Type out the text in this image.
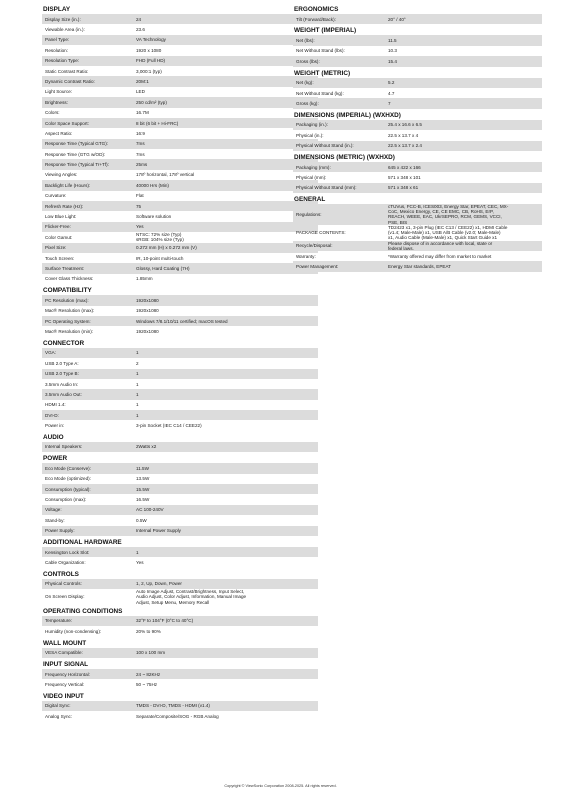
DISPLAY
Display Size (in.):	24
Viewable Area (in.):	23.6
Panel Type:	VA Technology
Resolution:	1920 x 1080
Resolution Type:	FHD (Full HD)
Static Contrast Ratio:	3,000:1 (typ)
Dynamic Contrast Ratio:	20M:1
Light Source:	LED
Brightness:	250 cd/m² (typ)
Colors:	16.7M
Color Space Support:	8 bit (6 bit + Hi-FRC)
Aspect Ratio:	16:9
Response Time (Typical GTG):	7ms
Response Time (GTG w/OD):	7ms
Response Time (Typical Tr+Tf):	25ms
Viewing Angles:	178º horizontal, 178º vertical
Backlight Life (Hours):	40000 Hrs (Min)
Curvature:	Flat
Refresh Rate (Hz):	75
Low Blue Light:	Software solution
Flicker-Free:	Yes
Color Gamut:
NTSC: 72% size (Typ)
sRGB: 104% size (Typ)
Pixel Size:	0.272 mm (H) x 0.272 mm (V)
Touch Screen:	IR, 10-point multi-touch
Surface Treatment:	Glossy, Hard Coating (7H)
Cover Glass Thickness:	1.85mm
COMPATIBILITY
PC Resolution (max):	1920x1080
Mac® Resolution (max):	1920x1080
PC Operating System:	Windows 7/8.1/10/11 certified; macOS tested
Mac® Resolution (min):	1920x1080
CONNECTOR
VGA:	1
USB 2.0 Type A:	2
USB 2.0 Type B:	1
3.5mm Audio In:	1
3.5mm Audio Out:	1
HDMI 1.4:	1
DVI-D:	1
Power in:	3-pin Socket (IEC C14 / CEE22)
AUDIO
Internal Speakers:	2Watts x2
POWER
Eco Mode (Conserve):	11.5W
Eco Mode (optimized):	13.5W
Consumption (typical):	15.5W
Consumption (max):	16.5W
Voltage:	AC 100-240V
Stand-by:	0.5W
Power Supply:	Internal Power Supply
ADDITIONAL HARDWARE
Kensington Lock Slot:	1
Cable Organization:	Yes
CONTROLS
Physical Controls:	1, 2, Up, Down, Power
On Screen Display:
Auto Image Adjust, Contrast/Brightness, Input Select,
Audio Adjust, Color Adjust, Information, Manual Image
Adjust, Setup Menu, Memory Recall
OPERATING CONDITIONS
Temperature:	32°F to 104°F (0°C to 40°C)
Humidity (non-condensing):	20% to 90%
WALL MOUNT
VESA Compatible:	100 x 100 mm
INPUT SIGNAL
Frequency Horizontal:	24 ~ 82KHz
Frequency Vertical:	50 ~ 75Hz
VIDEO INPUT
Digital Sync:	TMDS - DVI-D, TMDS - HDMI (v1.4)
Analog Sync:	Separate/Composite/SOG - RGB Analog
ERGONOMICS
Tilt (Forward/Back):	20° / 40°
WEIGHT (IMPERIAL)
Net (lbs):	11.5
Net Without Stand (lbs):	10.3
Gross (lbs):	15.4
WEIGHT (METRIC)
Net (kg):	5.2
Net Without Stand (kg):	4.7
Gross (kg):	7
DIMENSIONS (IMPERIAL) (WXHXD)
Packaging (in.):	25.4 x 16.6 x 6.5
Physical (in.):	22.5 x 13.7 x 4
Physical Without Stand (in.):	22.5 x 13.7 x 2.4
DIMENSIONS (METRIC) (WXHXD)
Packaging (mm):	645 x 422 x 166
Physical (mm):	571 x 348 x 101
Physical Without Stand (mm):	571 x 348 x 61
GENERAL
Regulations:
cTUVus, FCC-B, ICES003, Energy Star, EPEAT, CEC, MX-
CoC, Mexico Energy, CE, CE EMC, CB, RoHS, ErP,
REACH, WEEE, EAC, UkrSEPRO, RCM, GEMS, VCCI,
PSE, BIS
PACKAGE CONTENTS:
TD2423 x1, 3-pin Plug (IEC C13 / CEE22) x1, HDMI Cable
(v1.4; Male-Male) x1, USB A/B Cable (v2.0; Male-Male)
x1, Audio Cable (Male-Male) x1, Quick Start Guide x1
Recycle/Disposal:
Please dispose of in accordance with local, state or
federal laws.
Warranty:	*Warranty offered may differ from market to market
Power Management:	Energy Star standards, EPEAT
Copyright © ViewSonic Corporation 2008-2025. All rights reserved.
